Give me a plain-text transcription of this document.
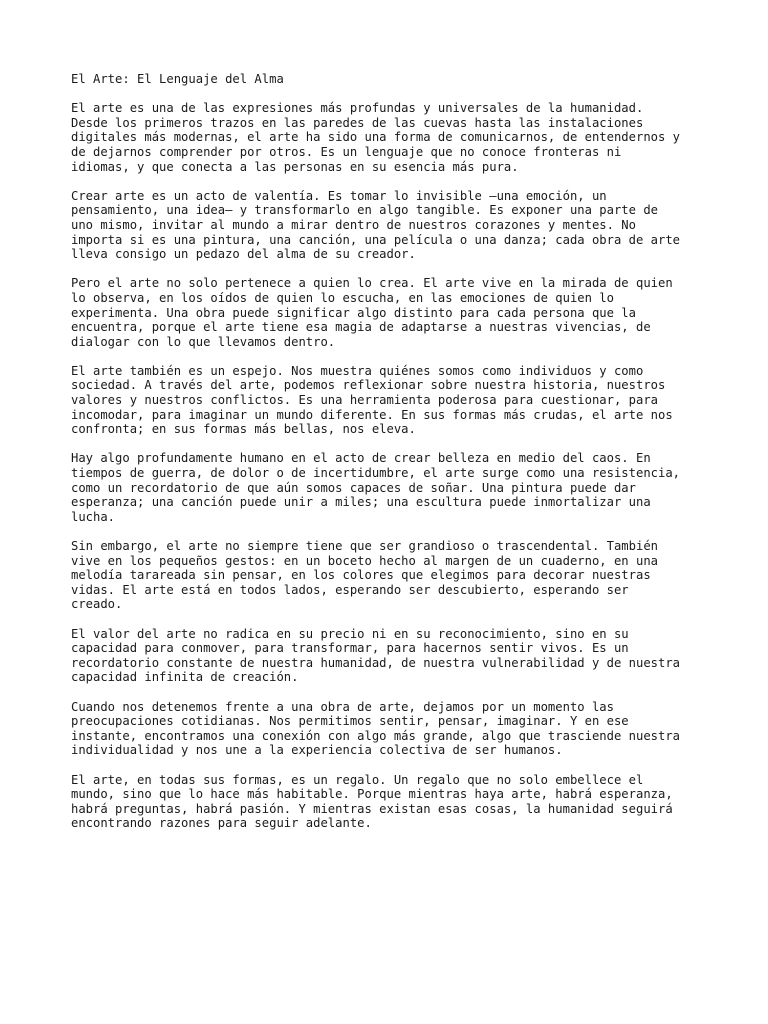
El Arte: El Lenguaje del Alma

El arte es una de las expresiones más profundas y universales de la humanidad.
Desde los primeros trazos en las paredes de las cuevas hasta las instalaciones
digitales más modernas, el arte ha sido una forma de comunicarnos, de entendernos y
de dejarnos comprender por otros. Es un lenguaje que no conoce fronteras ni
idiomas, y que conecta a las personas en su esencia más pura.

Crear arte es un acto de valentía. Es tomar lo invisible —una emoción, un
pensamiento, una idea— y transformarlo en algo tangible. Es exponer una parte de
uno mismo, invitar al mundo a mirar dentro de nuestros corazones y mentes. No
importa si es una pintura, una canción, una película o una danza; cada obra de arte
lleva consigo un pedazo del alma de su creador.

Pero el arte no solo pertenece a quien lo crea. El arte vive en la mirada de quien
lo observa, en los oídos de quien lo escucha, en las emociones de quien lo
experimenta. Una obra puede significar algo distinto para cada persona que la
encuentra, porque el arte tiene esa magia de adaptarse a nuestras vivencias, de
dialogar con lo que llevamos dentro.

El arte también es un espejo. Nos muestra quiénes somos como individuos y como
sociedad. A través del arte, podemos reflexionar sobre nuestra historia, nuestros
valores y nuestros conflictos. Es una herramienta poderosa para cuestionar, para
incomodar, para imaginar un mundo diferente. En sus formas más crudas, el arte nos
confronta; en sus formas más bellas, nos eleva.

Hay algo profundamente humano en el acto de crear belleza en medio del caos. En
tiempos de guerra, de dolor o de incertidumbre, el arte surge como una resistencia,
como un recordatorio de que aún somos capaces de soñar. Una pintura puede dar
esperanza; una canción puede unir a miles; una escultura puede inmortalizar una
lucha.

Sin embargo, el arte no siempre tiene que ser grandioso o trascendental. También
vive en los pequeños gestos: en un boceto hecho al margen de un cuaderno, en una
melodía tarareada sin pensar, en los colores que elegimos para decorar nuestras
vidas. El arte está en todos lados, esperando ser descubierto, esperando ser
creado.

El valor del arte no radica en su precio ni en su reconocimiento, sino en su
capacidad para conmover, para transformar, para hacernos sentir vivos. Es un
recordatorio constante de nuestra humanidad, de nuestra vulnerabilidad y de nuestra
capacidad infinita de creación.

Cuando nos detenemos frente a una obra de arte, dejamos por un momento las
preocupaciones cotidianas. Nos permitimos sentir, pensar, imaginar. Y en ese
instante, encontramos una conexión con algo más grande, algo que trasciende nuestra
individualidad y nos une a la experiencia colectiva de ser humanos.

El arte, en todas sus formas, es un regalo. Un regalo que no solo embellece el
mundo, sino que lo hace más habitable. Porque mientras haya arte, habrá esperanza,
habrá preguntas, habrá pasión. Y mientras existan esas cosas, la humanidad seguirá
encontrando razones para seguir adelante.
